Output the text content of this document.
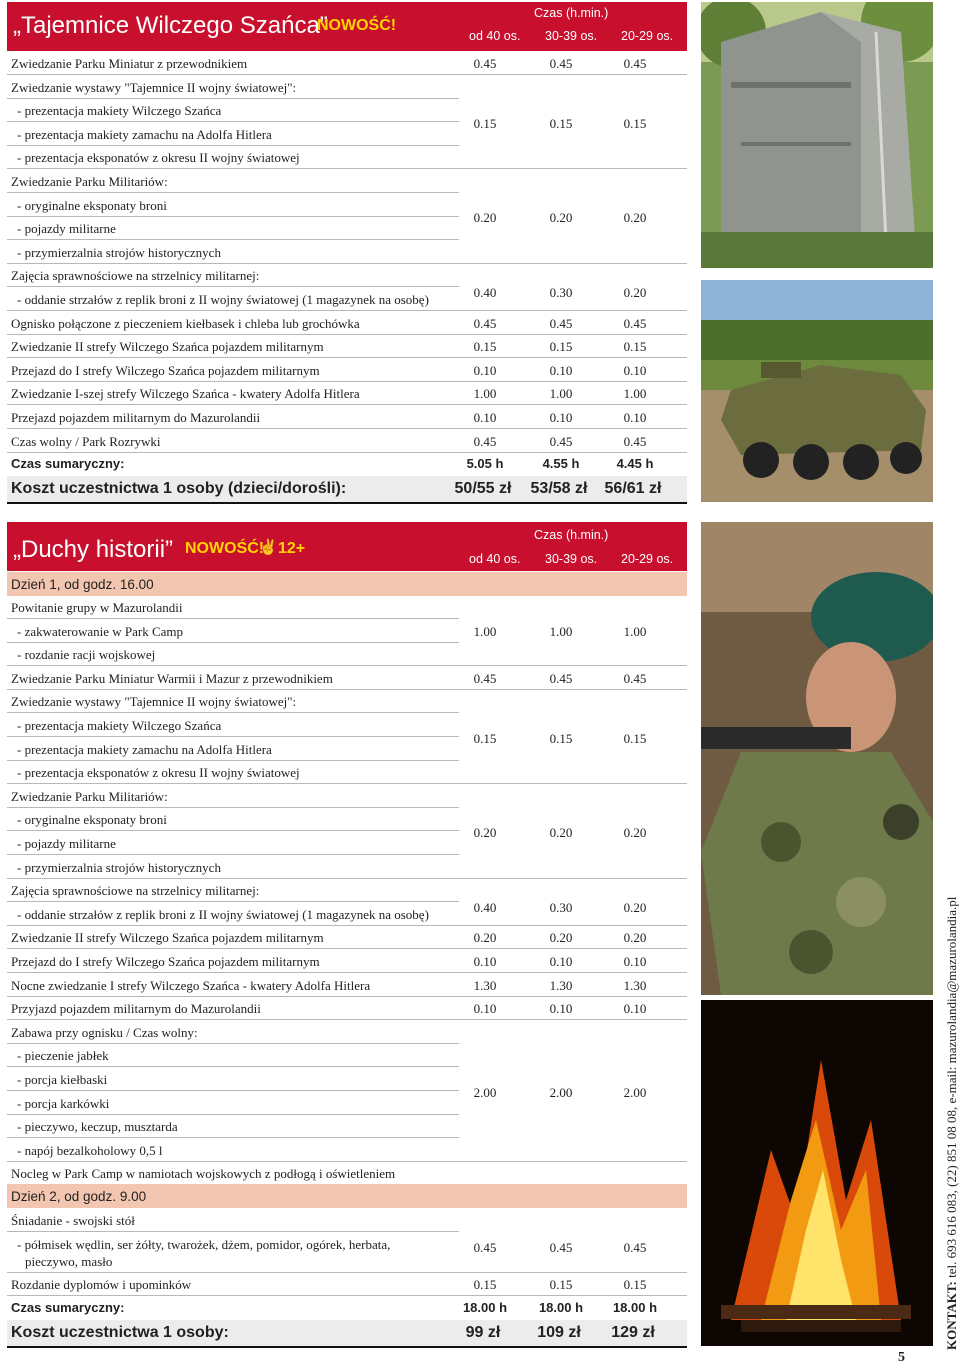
„Tajemnice Wilczego Szańca”
NOWOŚĆ!
Czas (h.min.)
od 40 os. 30-39 os. 20-29 os.
Zwiedzanie Parku Miniatur z przewodnikiem	0.45	0.45	0.45
Zwiedzanie wystawy "Tajemnice II wojny światowej":
- prezentacja makiety Wilczego Szańca
- prezentacja makiety zamachu na Adolfa Hitlera
0.15	0.15	0.15
- prezentacja eksponatów z okresu II wojny światowej
Zwiedzanie Parku Militariów:
- oryginalne eksponaty broni
- pojazdy militarne
0.20	0.20	0.20
- przymierzalnia strojów historycznych
Zajęcia sprawnościowe na strzelnicy militarnej:
- oddanie strzałów z replik broni z II wojny światowej (1 magazynek na osobę)	0.40	0.30	0.20
Ognisko połączone z pieczeniem kiełbasek i chleba lub grochówka	0.45	0.45	0.45
Zwiedzanie II strefy Wilczego Szańca pojazdem militarnym	0.15	0.15	0.15
Przejazd do I strefy Wilczego Szańca pojazdem militarnym	0.10	0.10	0.10
Zwiedzanie I-szej strefy Wilczego Szańca - kwatery Adolfa Hitlera	1.00	1.00	1.00
Przejazd pojazdem militarnym do Mazurolandii	0.10	0.10	0.10
Czas wolny / Park Rozrywki	0.45	0.45	0.45
Czas sumaryczny:	5.05 h	4.55 h	4.45 h
Koszt uczestnictwa 1 osoby (dzieci/dorośli):	50/55 zł	53/58 zł	56/61 zł
„Duchy historii” NOWOŚĆ!
✌ 12+
Czas (h.min.)
od 40 os. 30-39 os. 20-29 os.
Dzień 1, od godz. 16.00
Powitanie grupy w Mazurolandii
- zakwaterowanie w Park Camp	1.00	1.00	1.00
- rozdanie racji wojskowej
Zwiedzanie Parku Miniatur Warmii i Mazur z przewodnikiem	0.45	0.45	0.45
Zwiedzanie wystawy "Tajemnice II wojny światowej":
- prezentacja makiety Wilczego Szańca
- prezentacja makiety zamachu na Adolfa Hitlera
0.15	0.15	0.15
- prezentacja eksponatów z okresu II wojny światowej
Zwiedzanie Parku Militariów:
- oryginalne eksponaty broni
- pojazdy militarne
0.20	0.20	0.20
- przymierzalnia strojów historycznych
Zajęcia sprawnościowe na strzelnicy militarnej:
- oddanie strzałów z replik broni z II wojny światowej (1 magazynek na osobę)	0.40	0.30	0.20
Zwiedzanie II strefy Wilczego Szańca pojazdem militarnym	0.20	0.20	0.20
Przejazd do I strefy Wilczego Szańca pojazdem militarnym	0.10	0.10	0.10
Nocne zwiedzanie I strefy Wilczego Szańca - kwatery Adolfa Hitlera	1.30	1.30	1.30
Przyjazd pojazdem militarnym do Mazurolandii	0.10	0.10	0.10
Zabawa przy ognisku / Czas wolny:
- pieczenie jabłek
- porcja kiełbaski
- porcja karkówki
2.00	2.00	2.00
- pieczywo, keczup, musztarda
- napój bezalkoholowy 0,5 l
Nocleg w Park Camp w namiotach wojskowych z podłogą i oświetleniem
Dzień 2, od godz. 9.00
Śniadanie - swojski stół
- półmisek wędlin, ser żółty, twarożek, dżem, pomidor, ogórek, herbata,
pieczywo, masło
0.45	0.45	0.45
Rozdanie dyplomów i upominków	0.15	0.15	0.15
Czas sumaryczny:	18.00 h	18.00 h	18.00 h
Koszt uczestnictwa 1 osoby:	99 zł	109 zł	129 zł	KONTAKT: tel. 693 616 083, (22) 851 08 08, e-mail: mazurolandia@mazurolandia.pl
5
